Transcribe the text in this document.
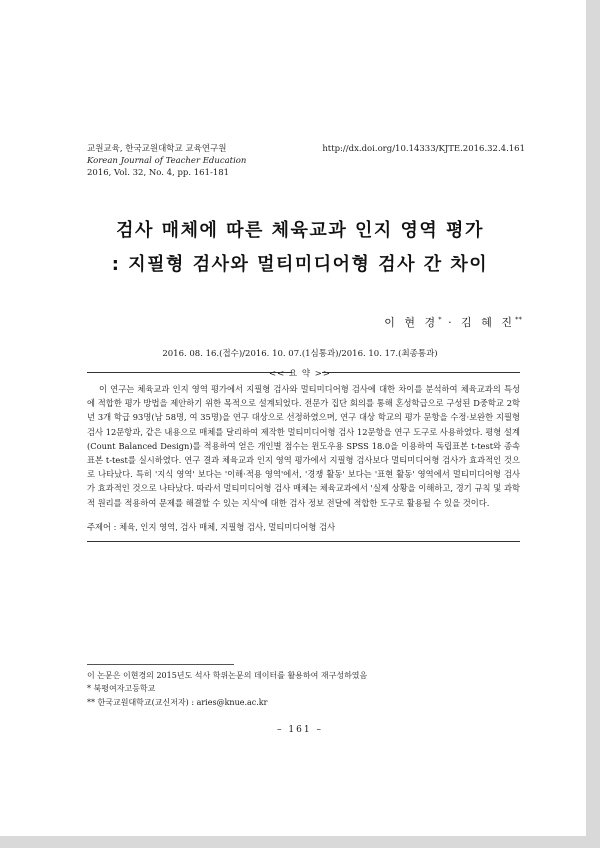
교원교육, 한국교원대학교 교육연구원
Korean Journal of Teacher Education
2016, Vol. 32, No. 4, pp. 161-181
http://dx.doi.org/10.14333/KJTE.2016.32.4.161
검사 매체에 따른 체육교과 인지 영역 평가
: 지필형 검사와 멀티미디어형 검사 간 차이
이 현 경* · 김 혜 진**
2016. 08. 16.(접수)/2016. 10. 07.(1심통과)/2016. 10. 17.(최종통과)
<< 요 약 >>

이 연구는 체육교과 인지 영역 평가에서 지필형 검사와 멀티미디어형 검사에 대한 차이를 분석하여 체육교과의 특성에 적합한 평가 방법을 제안하기 위한 목적으로 설계되었다. 전문가 집단 회의를 통해 혼성학급으로 구성된 D중학교 2학년 3개 학급 93명(남 58명, 여 35명)을 연구 대상으로 선정하였으며, 연구 대상 학교의 평가 문항을 수정·보완한 지필형 검사 12문항과, 같은 내용으로 매체를 달리하여 제작한 멀티미디어형 검사 12문항을 연구 도구로 사용하였다. 평형 설계(Count Balanced Design)를 적용하여 얻은 개인별 점수는 윈도우용 SPSS 18.0을 이용하여 독립표본 t-test와 종속표본 t-test를 실시하였다. 연구 결과 체육교과 인지 영역 평가에서 지필형 검사보다 멀티미디어형 검사가 효과적인 것으로 나타났다. 특히 '지식 영역' 보다는 '이해·적용 영역'에서, '경쟁 활동' 보다는 '표현 활동' 영역에서 멀티미디어형 검사가 효과적인 것으로 나타났다. 따라서 멀티미디어형 검사 매체는 체육교과에서 '실제 상황을 이해하고, 경기 규칙 및 과학적 원리를 적용하여 문제를 해결할 수 있는 지식'에 대한 검사 정보 전달에 적합한 도구로 활용될 수 있을 것이다.

주제어 : 체육, 인지 영역, 검사 매체, 지필형 검사, 멀티미디어형 검사
이 논문은 이현경의 2015년도 석사 학위논문의 데이터를 활용하여 재구성하였음
* 북평여자고등학교
** 한국교원대학교(교신저자) : aries@knue.ac.kr
– 161 –
